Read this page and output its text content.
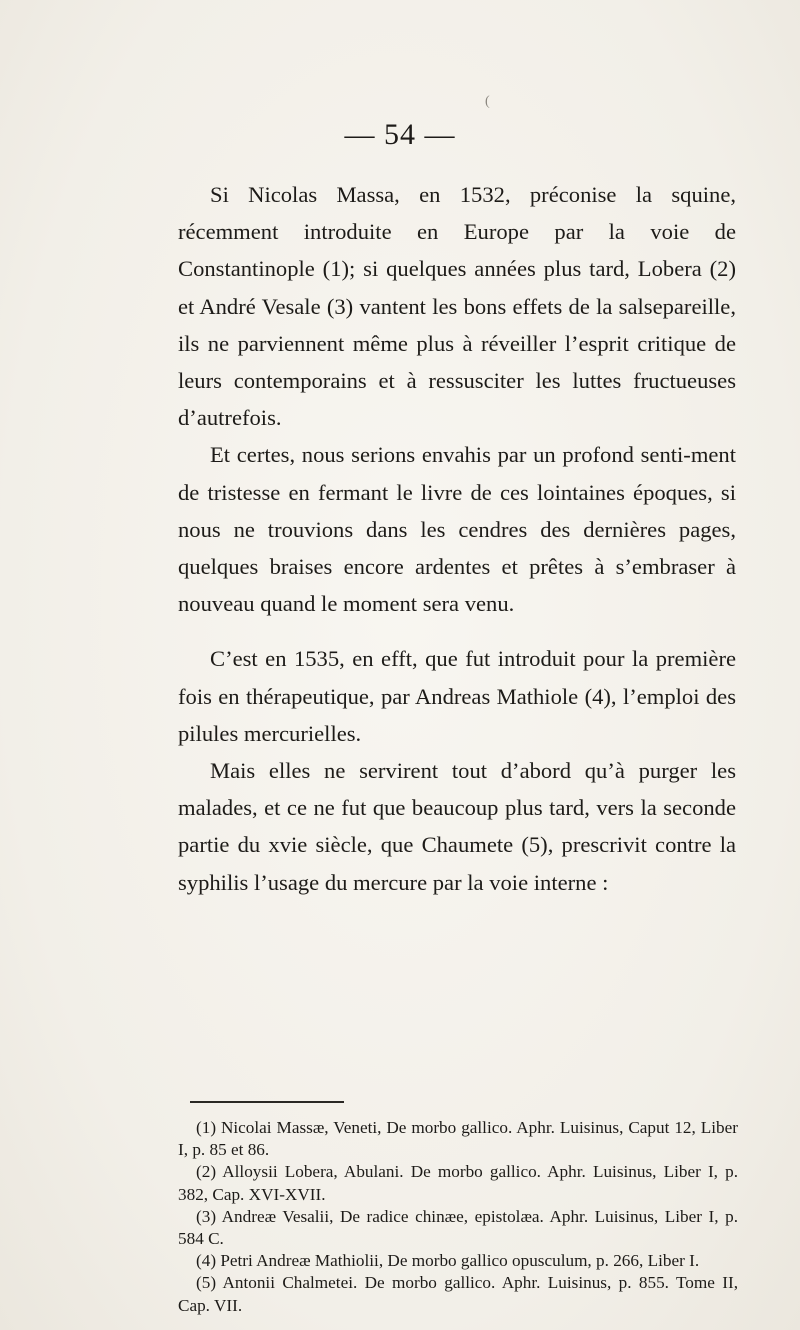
(
— 54 —

Si Nicolas Massa, en 1532, préconise la squine, récemment introduite en Europe par la voie de Constantinople (1); si quelques années plus tard, Lobera (2) et André Vesale (3) vantent les bons effets de la salsepareille, ils ne parviennent même plus à réveiller l’esprit critique de leurs contemporains et à ressusciter les luttes fructueuses d’autrefois.

Et certes, nous serions envahis par un profond senti-ment de tristesse en fermant le livre de ces lointaines époques, si nous ne trouvions dans les cendres des dernières pages, quelques braises encore ardentes et prêtes à s’embraser à nouveau quand le moment sera venu.

C’est en 1535, en efft, que fut introduit pour la première fois en thérapeutique, par Andreas Mathiole (4), l’emploi des pilules mercurielles.

Mais elles ne servirent tout d’abord qu’à purger les malades, et ce ne fut que beaucoup plus tard, vers la seconde partie du xvie siècle, que Chaumete (5), prescrivit contre la syphilis l’usage du mercure par la voie interne :

(1) Nicolai Massæ, Veneti, De morbo gallico. Aphr. Luisinus, Caput 12, Liber I, p. 85 et 86.

(2) Alloysii Lobera, Abulani. De morbo gallico. Aphr. Luisinus, Liber I, p. 382, Cap. XVI-XVII.

(3) Andreæ Vesalii, De radice chinæe, epistolæa. Aphr. Luisinus, Liber I, p. 584 C.

(4) Petri Andreæ Mathiolii, De morbo gallico opusculum, p. 266, Liber I.

(5) Antonii Chalmetei. De morbo gallico. Aphr. Luisinus, p. 855. Tome II, Cap. VII.
